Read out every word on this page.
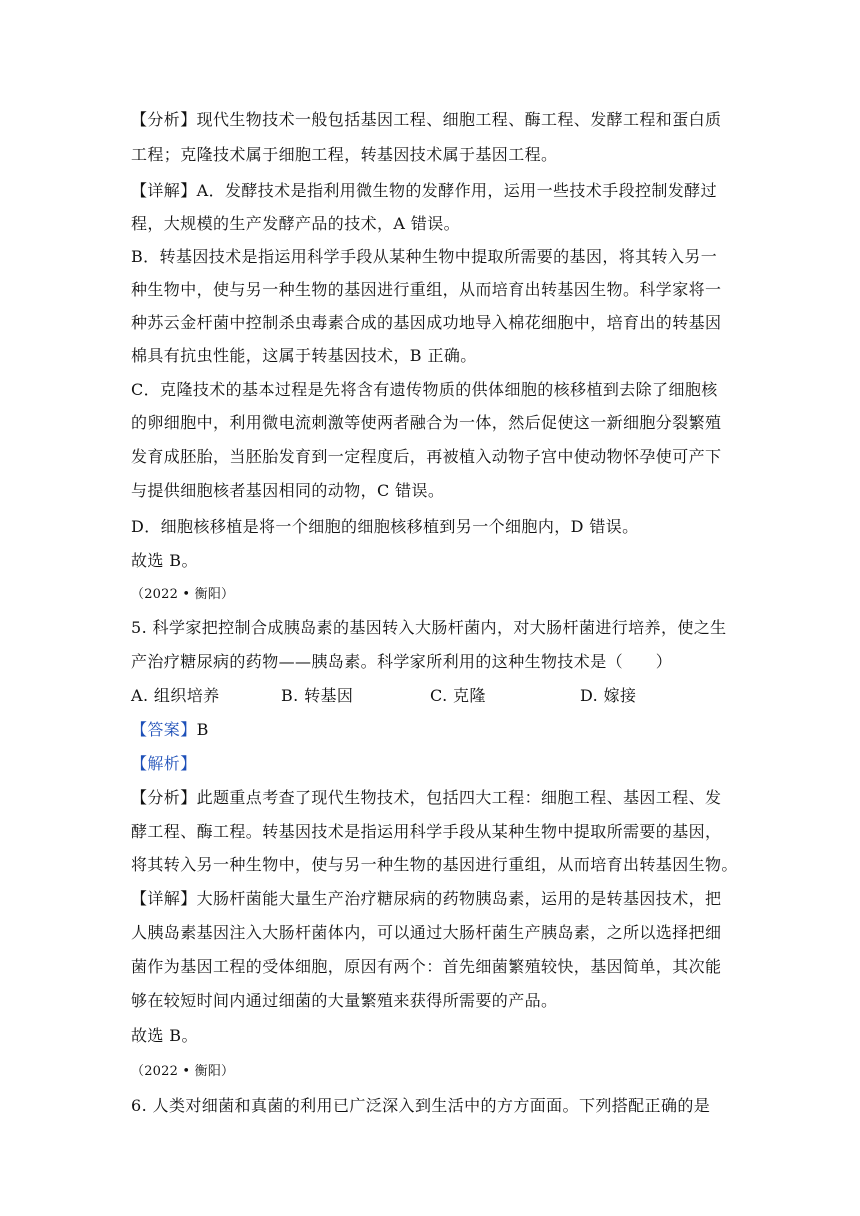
【分析】现代生物技术一般包括基因工程、细胞工程、酶工程、发酵工程和蛋白质
工程；克隆技术属于细胞工程，转基因技术属于基因工程。
【详解】A．发酵技术是指利用微生物的发酵作用，运用一些技术手段控制发酵过
程，大规模的生产发酵产品的技术，A 错误。
B．转基因技术是指运用科学手段从某种生物中提取所需要的基因，将其转入另一
种生物中，使与另一种生物的基因进行重组，从而培育出转基因生物。科学家将一
种苏云金杆菌中控制杀虫毒素合成的基因成功地导入棉花细胞中，培育出的转基因
棉具有抗虫性能，这属于转基因技术，B 正确。
C．克隆技术的基本过程是先将含有遗传物质的供体细胞的核移植到去除了细胞核
的卵细胞中，利用微电流刺激等使两者融合为一体，然后促使这一新细胞分裂繁殖
发育成胚胎，当胚胎发育到一定程度后，再被植入动物子宫中使动物怀孕使可产下
与提供细胞核者基因相同的动物，C 错误。
D．细胞核移植是将一个细胞的细胞核移植到另一个细胞内，D 错误。
故选 B。
（2022 • 衡阳）
5. 科学家把控制合成胰岛素的基因转入大肠杆菌内，对大肠杆菌进行培养，使之生
产治疗糖尿病的药物——胰岛素。科学家所利用的这种生物技术是（　　）
A. 组织培养	B. 转基因	C. 克隆	D. 嫁接
【答案】B
【解析】
【分析】此题重点考查了现代生物技术，包括四大工程：细胞工程、基因工程、发
酵工程、酶工程。转基因技术是指运用科学手段从某种生物中提取所需要的基因，
将其转入另一种生物中，使与另一种生物的基因进行重组，从而培育出转基因生物。
【详解】大肠杆菌能大量生产治疗糖尿病的药物胰岛素，运用的是转基因技术，把
人胰岛素基因注入大肠杆菌体内，可以通过大肠杆菌生产胰岛素，之所以选择把细
菌作为基因工程的受体细胞，原因有两个：首先细菌繁殖较快，基因简单，其次能
够在较短时间内通过细菌的大量繁殖来获得所需要的产品。
故选 B。
（2022 • 衡阳）
6. 人类对细菌和真菌的利用已广泛深入到生活中的方方面面。下列搭配正确的是
